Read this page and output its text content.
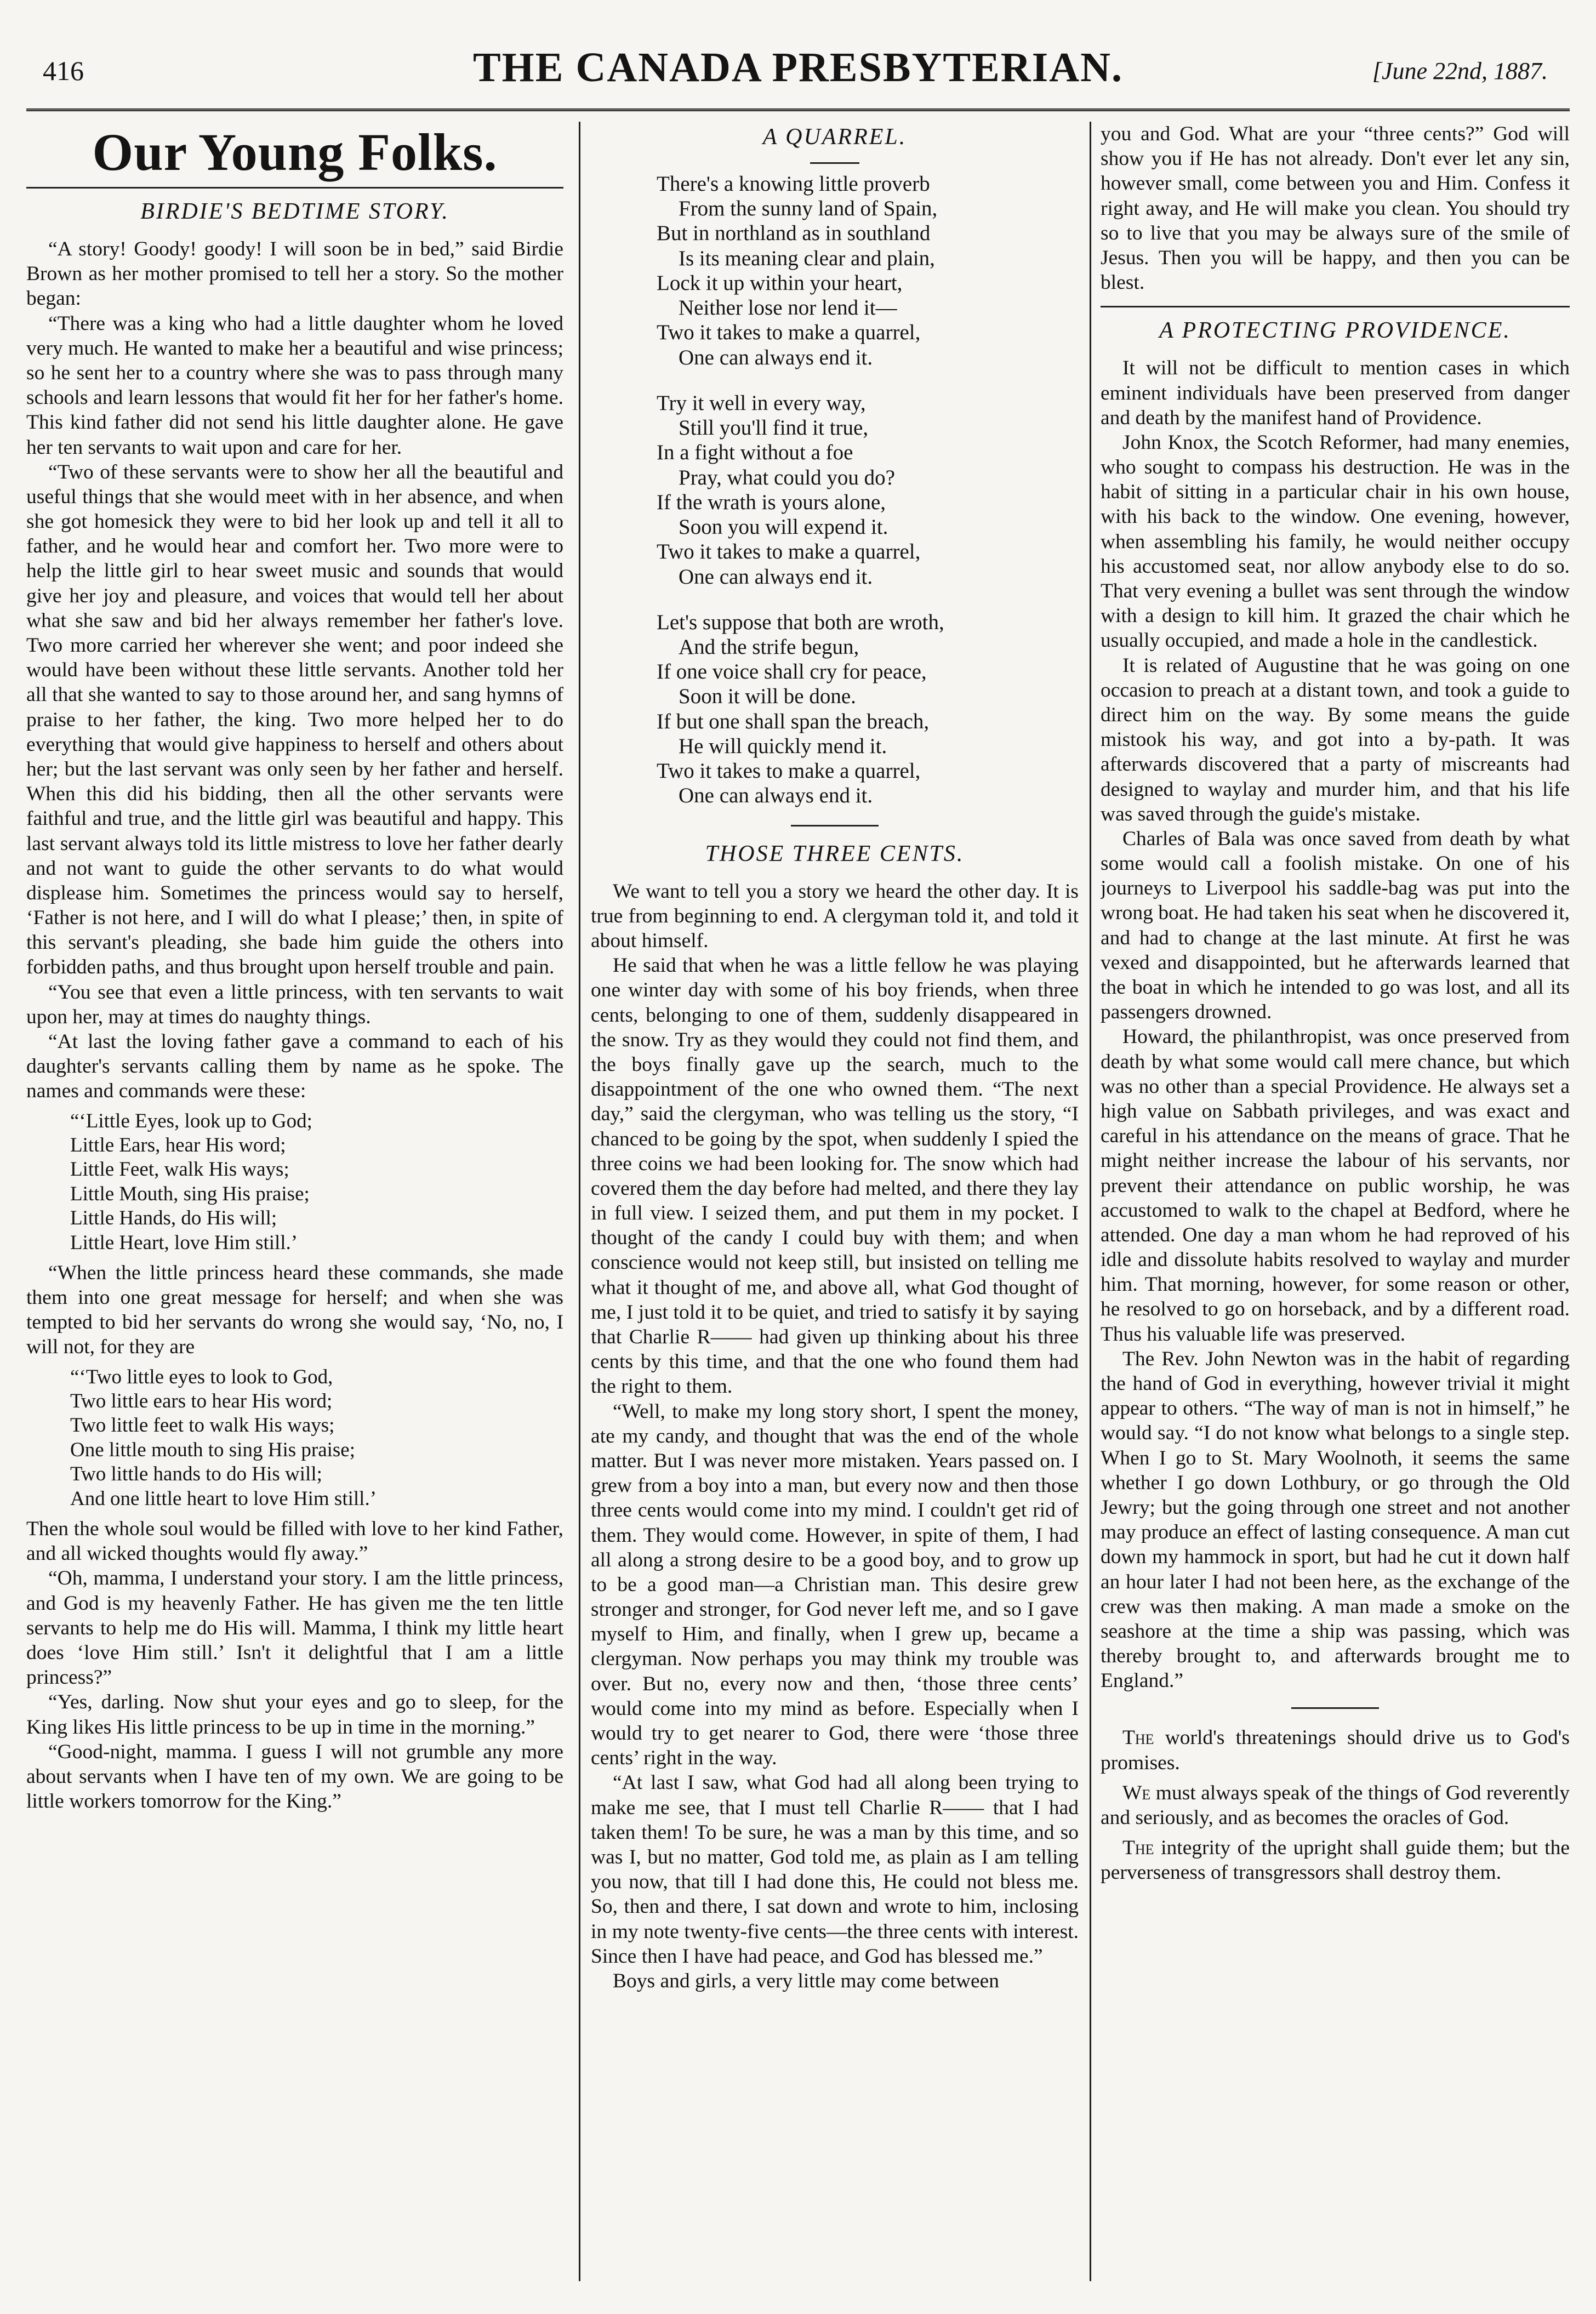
416	THE CANADA PRESBYTERIAN.	[June 22nd, 1887.
Our Young Folks.
BIRDIE'S BEDTIME STORY.

“A story! Goody! goody! I will soon be in bed,” said Birdie Brown as her mother promised to tell her a story. So the mother began:

“There was a king who had a little daughter whom he loved very much. He wanted to make her a beautiful and wise princess; so he sent her to a country where she was to pass through many schools and learn lessons that would fit her for her father's home. This kind father did not send his little daughter alone. He gave her ten servants to wait upon and care for her.

“Two of these servants were to show her all the beautiful and useful things that she would meet with in her absence, and when she got homesick they were to bid her look up and tell it all to father, and he would hear and comfort her. Two more were to help the little girl to hear sweet music and sounds that would give her joy and pleasure, and voices that would tell her about what she saw and bid her always remember her father's love. Two more carried her wherever she went; and poor indeed she would have been without these little servants. Another told her all that she wanted to say to those around her, and sang hymns of praise to her father, the king. Two more helped her to do everything that would give happiness to herself and others about her; but the last servant was only seen by her father and herself. When this did his bidding, then all the other servants were faithful and true, and the little girl was beautiful and happy. This last servant always told its little mistress to love her father dearly and not want to guide the other servants to do what would displease him. Sometimes the princess would say to herself, ‘Father is not here, and I will do what I please;’ then, in spite of this servant's pleading, she bade him guide the others into forbidden paths, and thus brought upon herself trouble and pain.

“You see that even a little princess, with ten servants to wait upon her, may at times do naughty things.

“At last the loving father gave a command to each of his daughter's servants calling them by name as he spoke. The names and commands were these:

“‘Little Eyes, look up to God;
Little Ears, hear His word;
Little Feet, walk His ways;
Little Mouth, sing His praise;
Little Hands, do His will;
Little Heart, love Him still.’

“When the little princess heard these commands, she made them into one great message for herself; and when she was tempted to bid her servants do wrong she would say, ‘No, no, I will not, for they are

“‘Two little eyes to look to God,
Two little ears to hear His word;
Two little feet to walk His ways;
One little mouth to sing His praise;
Two little hands to do His will;
And one little heart to love Him still.’

Then the whole soul would be filled with love to her kind Father, and all wicked thoughts would fly away.”

“Oh, mamma, I understand your story. I am the little princess, and God is my heavenly Father. He has given me the ten little servants to help me do His will. Mamma, I think my little heart does ‘love Him still.’ Isn't it delightful that I am a little princess?”

“Yes, darling. Now shut your eyes and go to sleep, for the King likes His little princess to be up in time in the morning.”

“Good-night, mamma. I guess I will not grumble any more about servants when I have ten of my own. We are going to be little workers tomorrow for the King.”

A QUARREL.
There's a knowing little proverb
From the sunny land of Spain,
But in northland as in southland
Is its meaning clear and plain,
Lock it up within your heart,
Neither lose nor lend it—
Two it takes to make a quarrel,
One can always end it.
Try it well in every way,
Still you'll find it true,
In a fight without a foe
Pray, what could you do?
If the wrath is yours alone,
Soon you will expend it.
Two it takes to make a quarrel,
One can always end it.
Let's suppose that both are wroth,
And the strife begun,
If one voice shall cry for peace,
Soon it will be done.
If but one shall span the breach,
He will quickly mend it.
Two it takes to make a quarrel,
One can always end it.
THOSE THREE CENTS.

We want to tell you a story we heard the other day. It is true from beginning to end. A clergyman told it, and told it about himself.

He said that when he was a little fellow he was playing one winter day with some of his boy friends, when three cents, belonging to one of them, suddenly disappeared in the snow. Try as they would they could not find them, and the boys finally gave up the search, much to the disappointment of the one who owned them. “The next day,” said the clergyman, who was telling us the story, “I chanced to be going by the spot, when suddenly I spied the three coins we had been looking for. The snow which had covered them the day before had melted, and there they lay in full view. I seized them, and put them in my pocket. I thought of the candy I could buy with them; and when conscience would not keep still, but insisted on telling me what it thought of me, and above all, what God thought of me, I just told it to be quiet, and tried to satisfy it by saying that Charlie R—— had given up thinking about his three cents by this time, and that the one who found them had the right to them.

“Well, to make my long story short, I spent the money, ate my candy, and thought that was the end of the whole matter. But I was never more mistaken. Years passed on. I grew from a boy into a man, but every now and then those three cents would come into my mind. I couldn't get rid of them. They would come. However, in spite of them, I had all along a strong desire to be a good boy, and to grow up to be a good man—a Christian man. This desire grew stronger and stronger, for God never left me, and so I gave myself to Him, and finally, when I grew up, became a clergyman. Now perhaps you may think my trouble was over. But no, every now and then, ‘those three cents’ would come into my mind as before. Especially when I would try to get nearer to God, there were ‘those three cents’ right in the way.

“At last I saw, what God had all along been trying to make me see, that I must tell Charlie R—— that I had taken them! To be sure, he was a man by this time, and so was I, but no matter, God told me, as plain as I am telling you now, that till I had done this, He could not bless me. So, then and there, I sat down and wrote to him, inclosing in my note twenty-five cents—the three cents with interest. Since then I have had peace, and God has blessed me.”

Boys and girls, a very little may come between

you and God. What are your “three cents?” God will show you if He has not already. Don't ever let any sin, however small, come between you and Him. Confess it right away, and He will make you clean. You should try so to live that you may be always sure of the smile of Jesus. Then you will be happy, and then you can be blest.

A PROTECTING PROVIDENCE.

It will not be difficult to mention cases in which eminent individuals have been preserved from danger and death by the manifest hand of Providence.

John Knox, the Scotch Reformer, had many enemies, who sought to compass his destruction. He was in the habit of sitting in a particular chair in his own house, with his back to the window. One evening, however, when assembling his family, he would neither occupy his accustomed seat, nor allow anybody else to do so. That very evening a bullet was sent through the window with a design to kill him. It grazed the chair which he usually occupied, and made a hole in the candlestick.

It is related of Augustine that he was going on one occasion to preach at a distant town, and took a guide to direct him on the way. By some means the guide mistook his way, and got into a by-path. It was afterwards discovered that a party of miscreants had designed to waylay and murder him, and that his life was saved through the guide's mistake.

Charles of Bala was once saved from death by what some would call a foolish mistake. On one of his journeys to Liverpool his saddle-bag was put into the wrong boat. He had taken his seat when he discovered it, and had to change at the last minute. At first he was vexed and disappointed, but he afterwards learned that the boat in which he intended to go was lost, and all its passengers drowned.

Howard, the philanthropist, was once preserved from death by what some would call mere chance, but which was no other than a special Providence. He always set a high value on Sabbath privileges, and was exact and careful in his attendance on the means of grace. That he might neither increase the labour of his servants, nor prevent their attendance on public worship, he was accustomed to walk to the chapel at Bedford, where he attended. One day a man whom he had reproved of his idle and dissolute habits resolved to waylay and murder him. That morning, however, for some reason or other, he resolved to go on horseback, and by a different road. Thus his valuable life was preserved.

The Rev. John Newton was in the habit of regarding the hand of God in everything, however trivial it might appear to others. “The way of man is not in himself,” he would say. “I do not know what belongs to a single step. When I go to St. Mary Woolnoth, it seems the same whether I go down Lothbury, or go through the Old Jewry; but the going through one street and not another may produce an effect of lasting consequence. A man cut down my hammock in sport, but had he cut it down half an hour later I had not been here, as the exchange of the crew was then making. A man made a smoke on the seashore at the time a ship was passing, which was thereby brought to, and afterwards brought me to England.”

The world's threatenings should drive us to God's promises.

We must always speak of the things of God reverently and seriously, and as becomes the oracles of God.

The integrity of the upright shall guide them; but the perverseness of transgressors shall destroy them.
